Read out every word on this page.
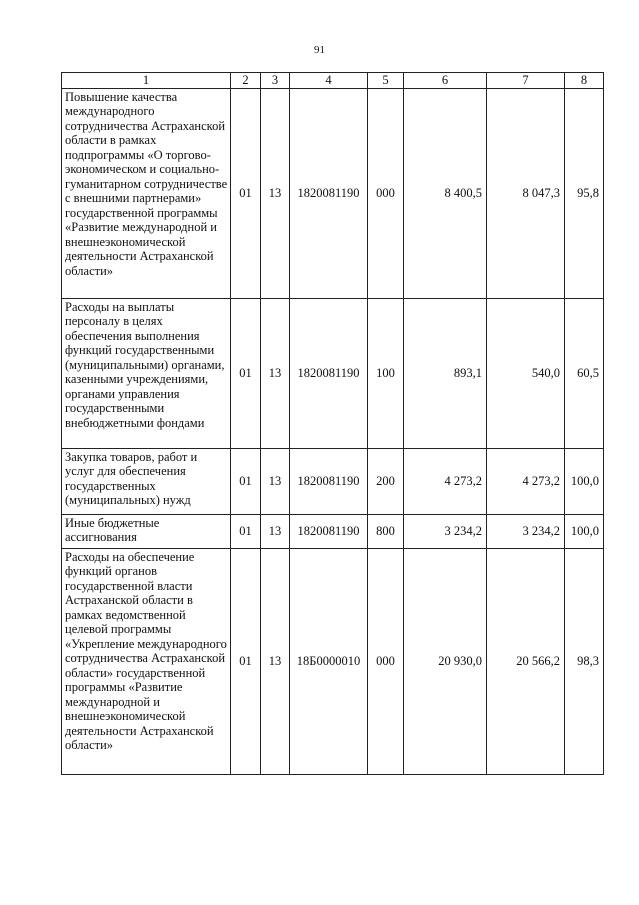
91
1	2	3	4	5	6	7	8
Повышение качества международного сотрудничества Астраханской области в рамках подпрограммы «О торгово-экономическом и социально-гуманитарном сотрудничестве с внешними партнерами» государственной программы «Развитие международной и внешнеэкономической деятельности Астраханской области»	01	13	1820081190	000	8 400,5	8 047,3	95,8
Расходы на выплаты персоналу в целях обеспечения выполнения функций государственными (муниципальными) органами, казенными учреждениями, органами управления государственными внебюджетными фондами	01	13	1820081190	100	893,1	540,0	60,5
Закупка товаров, работ и услуг для обеспечения государственных (муниципальных) нужд	01	13	1820081190	200	4 273,2	4 273,2	100,0
Иные бюджетные ассигнования	01	13	1820081190	800	3 234,2	3 234,2	100,0
Расходы на обеспечение функций органов государственной власти Астраханской области в рамках ведомственной целевой программы «Укрепление международного сотрудничества Астраханской области» государственной программы «Развитие международной и внешнеэкономической деятельности Астраханской области»	01	13	18Б0000010	000	20 930,0	20 566,2	98,3
